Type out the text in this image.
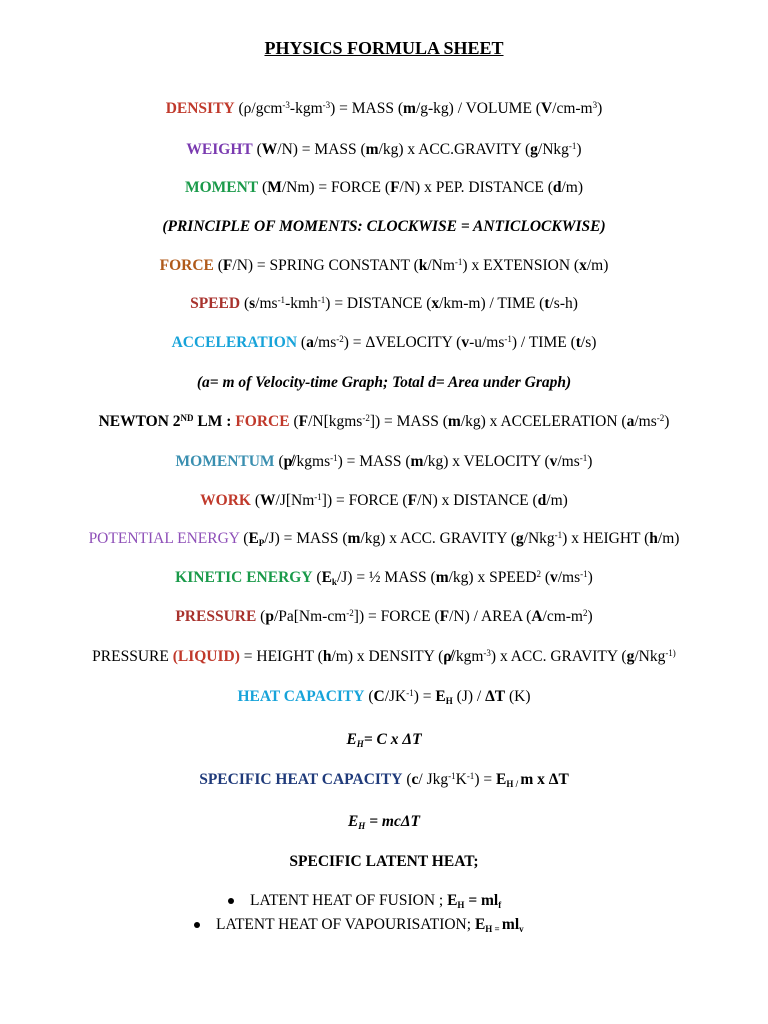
PHYSICS FORMULA SHEET
DENSITY (ρ/gcm$^{-3}$-kgm$^{-3}$) = MASS (m/g-kg) / VOLUME $(V/cm-m^3)$
WEIGHT (W/N) = MASS (m/kg) x ACC.GRAVITY (g/Nkg$^{-1}$)
MOMENT (M/Nm) = FORCE (F/N) x PEP. DISTANCE (d/m)
(PRINCIPLE OF MOMENTS: CLOCKWISE = ANTICLOCKWISE)
FORCE (F/N) = SPRING CONSTANT $(k/Nm^{-1})$ x EXTENSION (x/m)
SPEED $(s/ms^{-1}-kmh^{-1})$ = DISTANCE (x/km-m) / TIME (t/s-h)
ACCELERATION $(a/ms^{-2})$ = ΔVELOCITY $(v-u/ms^{-1})$ / TIME (t/s)
(a= m of Velocity-time Graph; Total d= Area under Graph)
NEWTON 2ND LM : FORCE (F/N[kgms$^{-2}$]) = MASS (m/kg) x ACCELERATION $(a/ms^{-2})$
MOMENTUM (p̸/kgms$^{-1}$) = MASS (m/kg) x VELOCITY $(v/ms^{-1})$
WORK $(W/J[Nm^{-1}])$ = FORCE (F/N) x DISTANCE (d/m)
POTENTIAL ENERGY $(E_P/J)$ = MASS (m/kg) x ACC. GRAVITY (g/Nkg$^{-1}$) x HEIGHT (h/m)
KINETIC ENERGY $(E_k/J)$ = ½ MASS (m/kg) x SPEED$^2$ $(v/ms^{-1})$
PRESSURE $(p/Pa[Nm-cm^{-2}])$ = FORCE (F/N) / AREA $(A/cm-m^2)$
PRESSURE (LIQUID) = HEIGHT (h/m) x DENSITY (ρ̸/kgm$^{-3}$) x ACC. GRAVITY (g/Nkg$^{-1)}$
HEAT CAPACITY $(C/JK^{-1}) = E_H$ (J) / ΔT (K)
$E_H= C$ x ΔT
SPECIFIC HEAT CAPACITY (c/ $Jkg^{-1}K^{-1}) = E_{H /}$ m x ΔT
$E_H = mc\Delta T$
SPECIFIC LATENT HEAT;
LATENT HEAT OF FUSION ; $E_H = ml_f$
LATENT HEAT OF VAPOURISATION; $E_{H =}$ $ml_v$
